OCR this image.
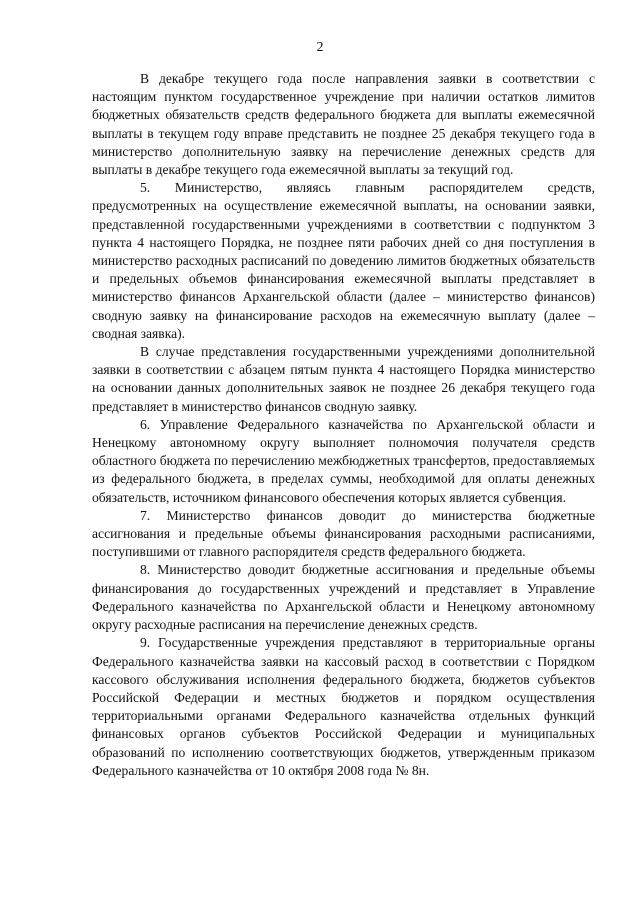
2

В декабре текущего года после направления заявки в соответствии с настоящим пунктом государственное учреждение при наличии остатков лимитов бюджетных обязательств средств федерального бюджета для выплаты ежемесячной выплаты в текущем году вправе представить не позднее 25 декабря текущего года в министерство дополнительную заявку на перечисление денежных средств для выплаты в декабре текущего года ежемесячной выплаты за текущий год.

5. Министерство, являясь главным распорядителем средств, предусмотренных на осуществление ежемесячной выплаты, на основании заявки, представленной государственными учреждениями в соответствии с подпунктом 3 пункта 4 настоящего Порядка, не позднее пяти рабочих дней со дня поступления в министерство расходных расписаний по доведению лимитов бюджетных обязательств и предельных объемов финансирования ежемесячной выплаты представляет в министерство финансов Архангельской области (далее – министерство финансов) сводную заявку на финансирование расходов на ежемесячную выплату (далее – сводная заявка).

В случае представления государственными учреждениями дополнительной заявки в соответствии с абзацем пятым пункта 4 настоящего Порядка министерство на основании данных дополнительных заявок не позднее 26 декабря текущего года представляет в министерство финансов сводную заявку.

6. Управление Федерального казначейства по Архангельской области и Ненецкому автономному округу выполняет полномочия получателя средств областного бюджета по перечислению межбюджетных трансфертов, предоставляемых из федерального бюджета, в пределах суммы, необходимой для оплаты денежных обязательств, источником финансового обеспечения которых является субвенция.

7. Министерство финансов доводит до министерства бюджетные ассигнования и предельные объемы финансирования расходными расписаниями, поступившими от главного распорядителя средств федерального бюджета.

8. Министерство доводит бюджетные ассигнования и предельные объемы финансирования до государственных учреждений и представляет в Управление Федерального казначейства по Архангельской области и Ненецкому автономному округу расходные расписания на перечисление денежных средств.

9. Государственные учреждения представляют в территориальные органы Федерального казначейства заявки на кассовый расход в соответствии с Порядком кассового обслуживания исполнения федерального бюджета, бюджетов субъектов Российской Федерации и местных бюджетов и порядком осуществления территориальными органами Федерального казначейства отдельных функций финансовых органов субъектов Российской Федерации и муниципальных образований по исполнению соответствующих бюджетов, утвержденным приказом Федерального казначейства от 10 октября 2008 года № 8н.
